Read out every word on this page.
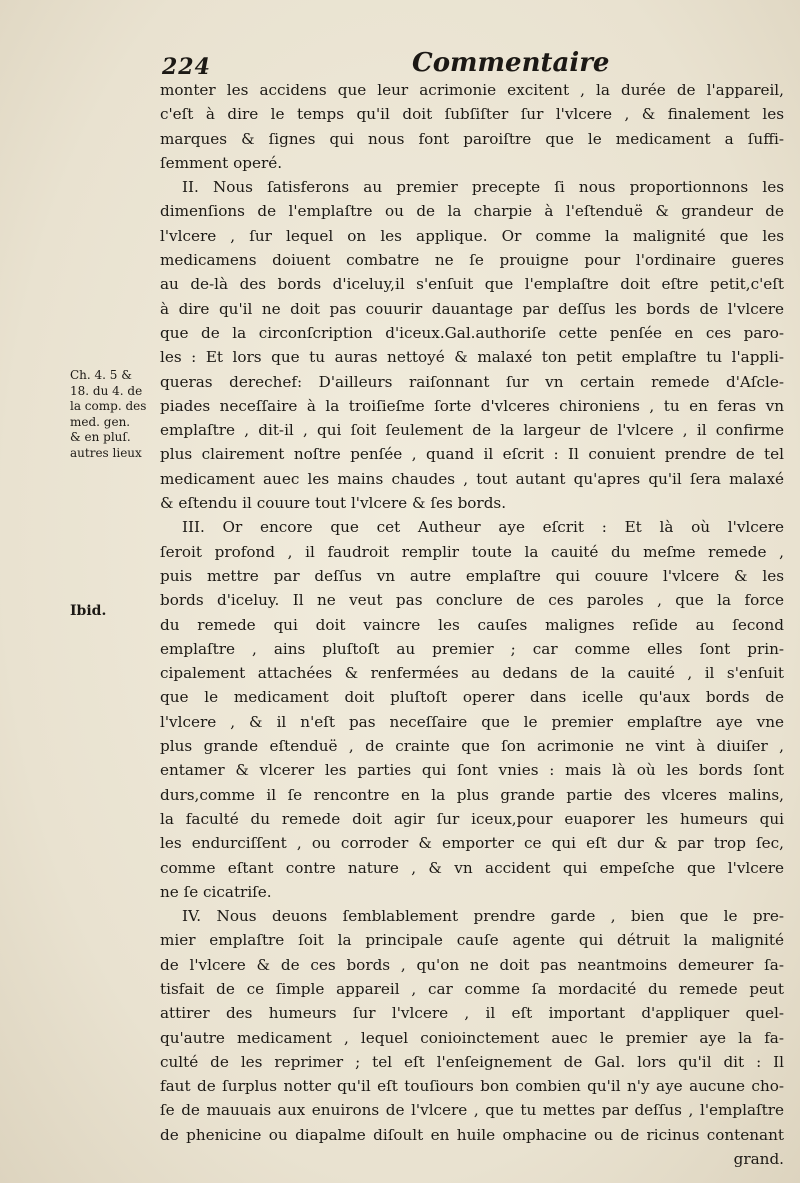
224	Commentaire
monter les accidens que leur acrimonie excitent , la durée de l'appareil,
c'eſt à dire le temps qu'il doit ſubſiſter ſur l'vlcere , & finalement les
marques & ſignes qui nous font paroiſtre que le medicament a ſuffi-
ſemment operé.
II. Nous ſatisferons au premier precepte ſi nous proportionnons les
dimenſions de l'emplaſtre ou de la charpie à l'eſtenduë & grandeur de
l'vlcere , ſur lequel on les applique. Or comme la malignité que les
medicamens doiuent combatre ne ſe prouigne pour l'ordinaire gueres
au de-là des bords d'iceluy,il s'enſuit que l'emplaſtre doit eſtre petit,c'eſt
à dire qu'il ne doit pas couurir dauantage par deſſus les bords de l'vlcere
que de la circonſcription d'iceux.Gal.authoriſe cette penſée en ces paro-
les : Et lors que tu auras nettoyé & malaxé ton petit emplaſtre tu l'appli-
queras derechef: D'ailleurs raiſonnant ſur vn certain remede d'Aſcle-
piades neceſſaire à la troiſieſme ſorte d'vlceres chironiens , tu en feras vn
emplaſtre , dit-il , qui ſoit ſeulement de la largeur de l'vlcere , il confirme
plus clairement noſtre penſée , quand il eſcrit : Il conuient prendre de tel
medicament auec les mains chaudes , tout autant qu'apres qu'il ſera malaxé
& eſtendu il couure tout l'vlcere & ſes bords.
III. Or encore que cet Autheur aye eſcrit : Et là où l'vlcere
ſeroit profond , il faudroit remplir toute la cauité du meſme remede ,
puis mettre par deſſus vn autre emplaſtre qui couure l'vlcere & les
bords d'iceluy. Il ne veut pas conclure de ces paroles , que la force
du remede qui doit vaincre les cauſes malignes reſide au ſecond
emplaſtre , ains pluſtoſt au premier ; car comme elles ſont prin-
cipalement attachées & renfermées au dedans de la cauité , il s'enſuit
que le medicament doit pluſtoſt operer dans icelle qu'aux bords de
l'vlcere , & il n'eſt pas neceſſaire que le premier emplaſtre aye vne
plus grande eſtenduë , de crainte que ſon acrimonie ne vint à diuiſer ,
entamer & vlcerer les parties qui ſont vnies : mais là où les bords ſont
durs,comme il ſe rencontre en la plus grande partie des vlceres malins,
la faculté du remede doit agir ſur iceux,pour euaporer les humeurs qui
les endurciſſent , ou corroder & emporter ce qui eſt dur & par trop ſec,
comme eſtant contre nature , & vn accident qui empeſche que l'vlcere
ne ſe cicatriſe.
IV. Nous deuons ſemblablement prendre garde , bien que le pre-
mier emplaſtre ſoit la principale cauſe agente qui détruit la malignité
de l'vlcere & de ces bords , qu'on ne doit pas neantmoins demeurer ſa-
tisfait de ce ſimple appareil , car comme ſa mordacité du remede peut
attirer des humeurs ſur l'vlcere , il eſt important d'appliquer quel-
qu'autre medicament , lequel conioinctement auec le premier aye la fa-
culté de les reprimer ; tel eſt l'enſeignement de Gal. lors qu'il dit : Il
faut de ſurplus notter qu'il eſt touſiours bon combien qu'il n'y aye aucune cho-
ſe de mauuais aux enuirons de l'vlcere , que tu mettes par deſſus , l'emplaſtre
de phenicine ou diapalme diſoult en huile omphacine ou de ricinus contenant
grand.
Ch. 4. 5 &
18. du 4. de
la comp. des
med. gen.
& en pluſ.
autres lieux
Ibid.
